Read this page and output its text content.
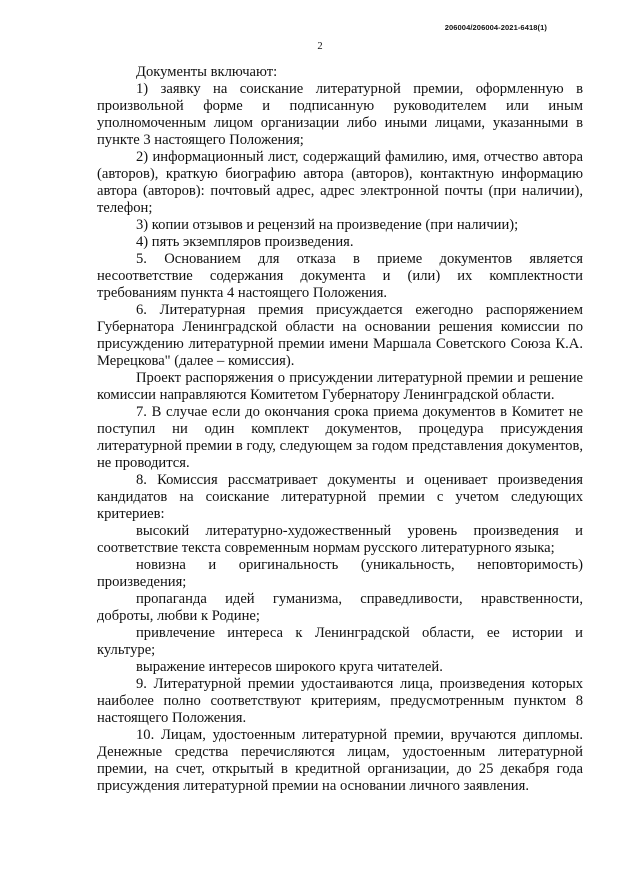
206004/206004-2021-6418(1)
2

Документы включают:

1) заявку на соискание литературной премии, оформленную в произвольной форме и подписанную руководителем или иным уполномоченным лицом организации либо иными лицами, указанными в пункте 3 настоящего Положения;

2) информационный лист, содержащий фамилию, имя, отчество автора (авторов), краткую биографию автора (авторов), контактную информацию автора (авторов): почтовый адрес, адрес электронной почты (при наличии), телефон;

3) копии отзывов и рецензий на произведение (при наличии);

4) пять экземпляров произведения.

5. Основанием для отказа в приеме документов является несоответствие содержания документа и (или) их комплектности требованиям пункта 4 настоящего Положения.

6. Литературная премия присуждается ежегодно распоряжением Губернатора Ленинградской области на основании решения комиссии по присуждению литературной премии имени Маршала Советского Союза К.А. Мерецкова" (далее – комиссия).

Проект распоряжения о присуждении литературной премии и решение комиссии направляются Комитетом Губернатору Ленинградской области.

7. В случае если до окончания срока приема документов в Комитет не поступил ни один комплект документов, процедура присуждения литературной премии в году, следующем за годом представления документов, не проводится.

8. Комиссия рассматривает документы и оценивает произведения кандидатов на соискание литературной премии с учетом следующих критериев:

высокий литературно-художественный уровень произведения и соответствие текста современным нормам русского литературного языка;

новизна и оригинальность (уникальность, неповторимость) произведения;

пропаганда идей гуманизма, справедливости, нравственности, доброты, любви к Родине;

привлечение интереса к Ленинградской области, ее истории и культуре;

выражение интересов широкого круга читателей.

9. Литературной премии удостаиваются лица, произведения которых наиболее полно соответствуют критериям, предусмотренным пунктом 8 настоящего Положения.

10. Лицам, удостоенным литературной премии, вручаются дипломы. Денежные средства перечисляются лицам, удостоенным литературной премии, на счет, открытый в кредитной организации, до 25 декабря года присуждения литературной премии на основании личного заявления.
